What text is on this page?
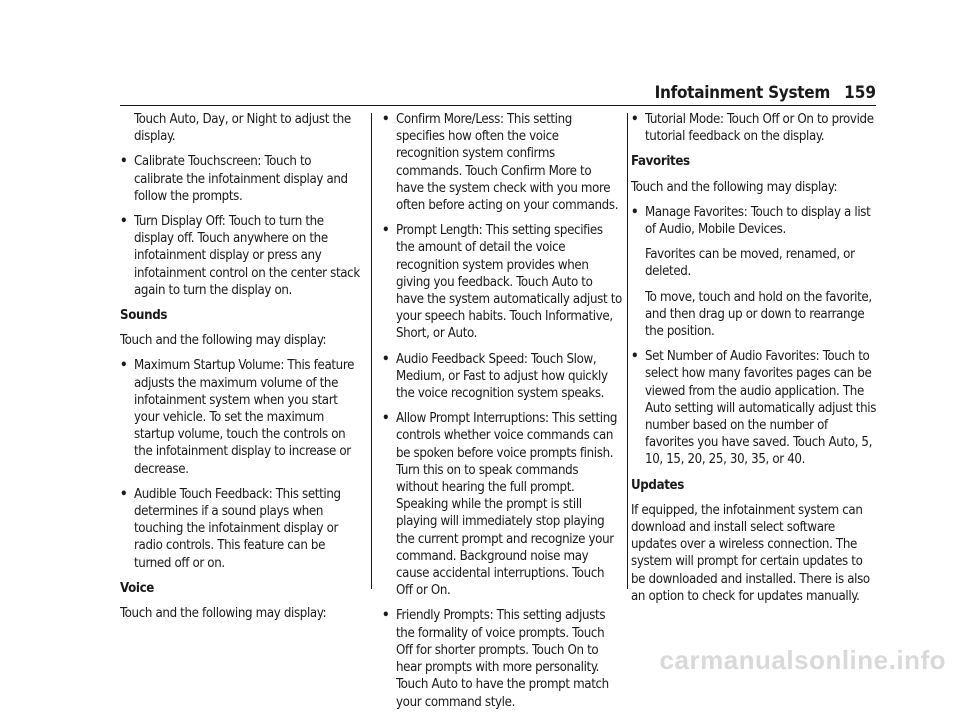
Infotainment System 159

Touch Auto, Day, or Night to adjust the display.

• Calibrate Touchscreen: Touch to calibrate the infotainment display and follow the prompts.

• Turn Display Off: Touch to turn the display off. Touch anywhere on the infotainment display or press any infotainment control on the center stack again to turn the display on.

Sounds

Touch and the following may display:

• Maximum Startup Volume: This feature adjusts the maximum volume of the infotainment system when you start your vehicle. To set the maximum startup volume, touch the controls on the infotainment display to increase or decrease.

• Audible Touch Feedback: This setting determines if a sound plays when touching the infotainment display or radio controls. This feature can be turned off or on.

Voice

Touch and the following may display:

• Confirm More/Less: This setting specifies how often the voice recognition system confirms commands. Touch Confirm More to have the system check with you more often before acting on your commands.

• Prompt Length: This setting specifies the amount of detail the voice recognition system provides when giving you feedback. Touch Auto to have the system automatically adjust to your speech habits. Touch Informative, Short, or Auto.

• Audio Feedback Speed: Touch Slow, Medium, or Fast to adjust how quickly the voice recognition system speaks.

• Allow Prompt Interruptions: This setting controls whether voice commands can be spoken before voice prompts finish. Turn this on to speak commands without hearing the full prompt. Speaking while the prompt is still playing will immediately stop playing the current prompt and recognize your command. Background noise may cause accidental interruptions. Touch Off or On.

• Friendly Prompts: This setting adjusts the formality of voice prompts. Touch Off for shorter prompts. Touch On to hear prompts with more personality. Touch Auto to have the prompt match your command style.

• Tutorial Mode: Touch Off or On to provide tutorial feedback on the display.

Favorites

Touch and the following may display:

• Manage Favorites: Touch to display a list of Audio, Mobile Devices.

Favorites can be moved, renamed, or deleted.

To move, touch and hold on the favorite, and then drag up or down to rearrange the position.

• Set Number of Audio Favorites: Touch to select how many favorites pages can be viewed from the audio application. The Auto setting will automatically adjust this number based on the number of favorites you have saved. Touch Auto, 5, 10, 15, 20, 25, 30, 35, or 40.

Updates

If equipped, the infotainment system can download and install select software updates over a wireless connection. The system will prompt for certain updates to be downloaded and installed. There is also an option to check for updates manually.

carmanualsonline.info
